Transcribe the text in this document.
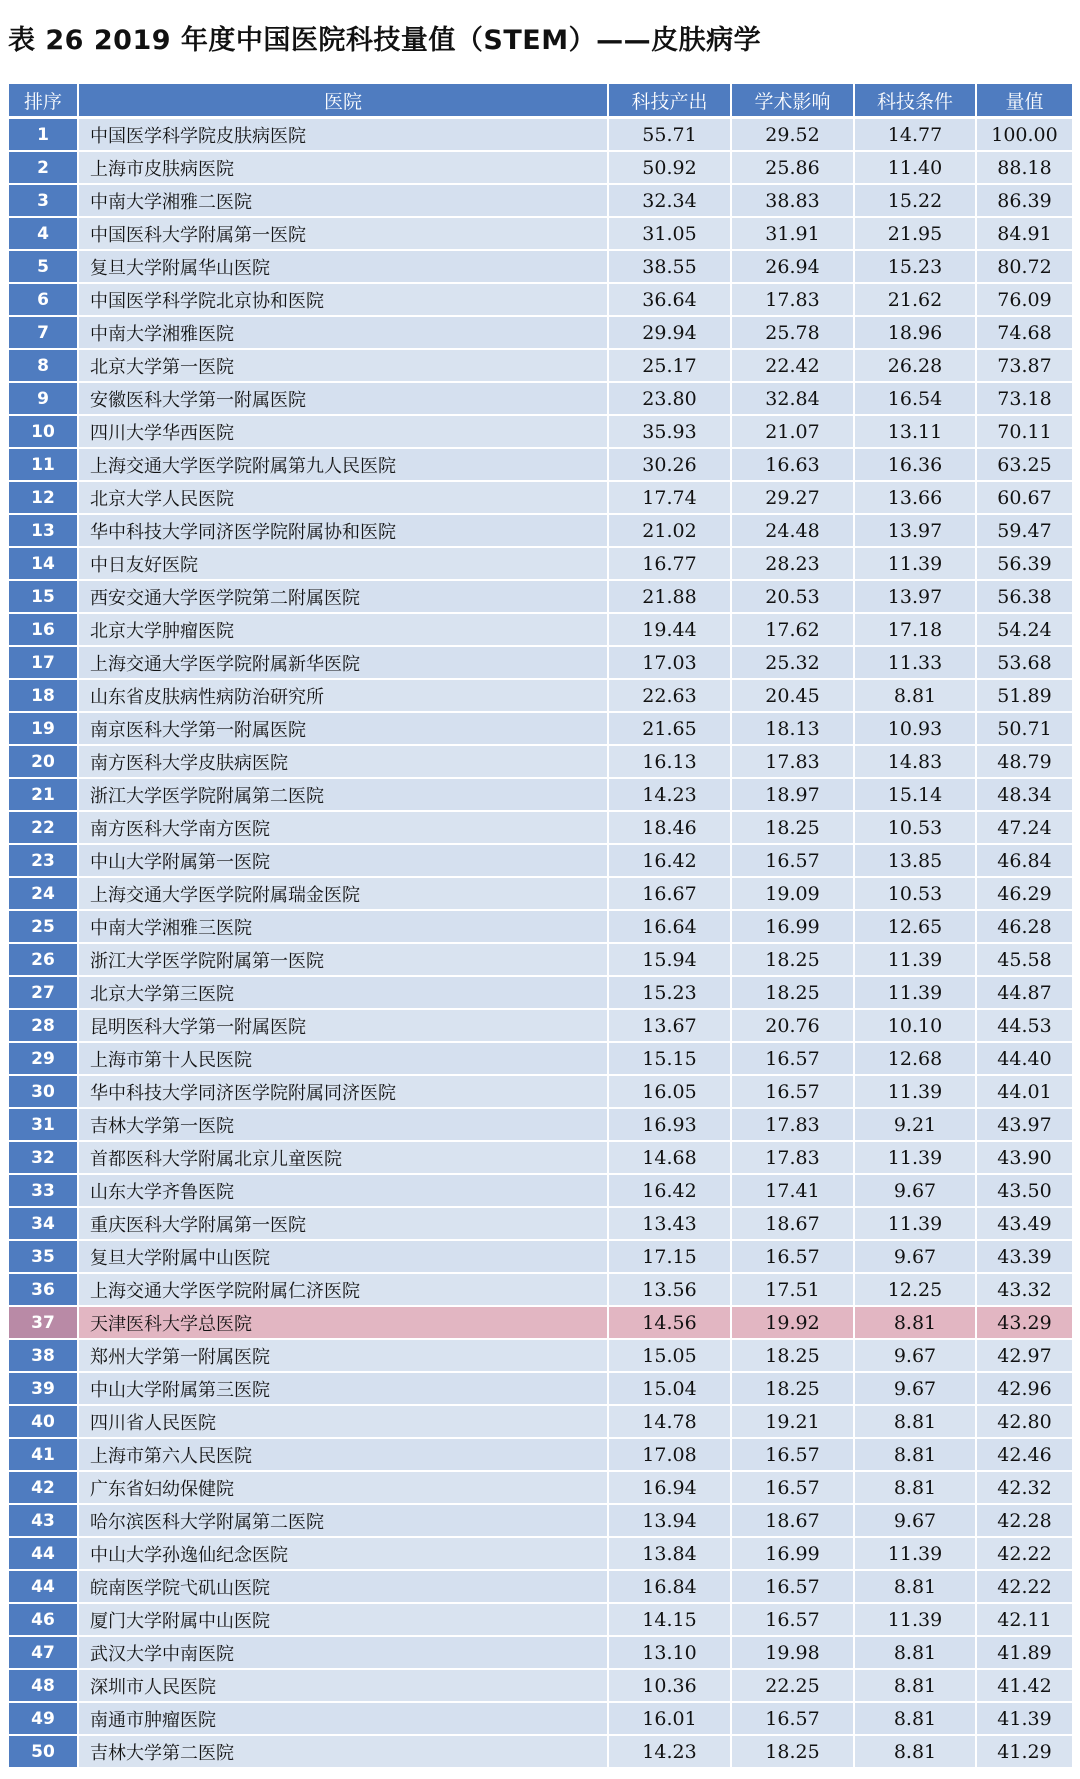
表 26 2019 年度中国医院科技量值（STEM）——皮肤病学
排序	医院	科技产出	学术影响	科技条件	量值
1	中国医学科学院皮肤病医院	55.71	29.52	14.77	100.00
2	上海市皮肤病医院	50.92	25.86	11.40	88.18
3	中南大学湘雅二医院	32.34	38.83	15.22	86.39
4	中国医科大学附属第一医院	31.05	31.91	21.95	84.91
5	复旦大学附属华山医院	38.55	26.94	15.23	80.72
6	中国医学科学院北京协和医院	36.64	17.83	21.62	76.09
7	中南大学湘雅医院	29.94	25.78	18.96	74.68
8	北京大学第一医院	25.17	22.42	26.28	73.87
9	安徽医科大学第一附属医院	23.80	32.84	16.54	73.18
10	四川大学华西医院	35.93	21.07	13.11	70.11
11	上海交通大学医学院附属第九人民医院	30.26	16.63	16.36	63.25
12	北京大学人民医院	17.74	29.27	13.66	60.67
13	华中科技大学同济医学院附属协和医院	21.02	24.48	13.97	59.47
14	中日友好医院	16.77	28.23	11.39	56.39
15	西安交通大学医学院第二附属医院	21.88	20.53	13.97	56.38
16	北京大学肿瘤医院	19.44	17.62	17.18	54.24
17	上海交通大学医学院附属新华医院	17.03	25.32	11.33	53.68
18	山东省皮肤病性病防治研究所	22.63	20.45	8.81	51.89
19	南京医科大学第一附属医院	21.65	18.13	10.93	50.71
20	南方医科大学皮肤病医院	16.13	17.83	14.83	48.79
21	浙江大学医学院附属第二医院	14.23	18.97	15.14	48.34
22	南方医科大学南方医院	18.46	18.25	10.53	47.24
23	中山大学附属第一医院	16.42	16.57	13.85	46.84
24	上海交通大学医学院附属瑞金医院	16.67	19.09	10.53	46.29
25	中南大学湘雅三医院	16.64	16.99	12.65	46.28
26	浙江大学医学院附属第一医院	15.94	18.25	11.39	45.58
27	北京大学第三医院	15.23	18.25	11.39	44.87
28	昆明医科大学第一附属医院	13.67	20.76	10.10	44.53
29	上海市第十人民医院	15.15	16.57	12.68	44.40
30	华中科技大学同济医学院附属同济医院	16.05	16.57	11.39	44.01
31	吉林大学第一医院	16.93	17.83	9.21	43.97
32	首都医科大学附属北京儿童医院	14.68	17.83	11.39	43.90
33	山东大学齐鲁医院	16.42	17.41	9.67	43.50
34	重庆医科大学附属第一医院	13.43	18.67	11.39	43.49
35	复旦大学附属中山医院	17.15	16.57	9.67	43.39
36	上海交通大学医学院附属仁济医院	13.56	17.51	12.25	43.32
37	天津医科大学总医院	14.56	19.92	8.81	43.29
38	郑州大学第一附属医院	15.05	18.25	9.67	42.97
39	中山大学附属第三医院	15.04	18.25	9.67	42.96
40	四川省人民医院	14.78	19.21	8.81	42.80
41	上海市第六人民医院	17.08	16.57	8.81	42.46
42	广东省妇幼保健院	16.94	16.57	8.81	42.32
43	哈尔滨医科大学附属第二医院	13.94	18.67	9.67	42.28
44	中山大学孙逸仙纪念医院	13.84	16.99	11.39	42.22
44	皖南医学院弋矶山医院	16.84	16.57	8.81	42.22
46	厦门大学附属中山医院	14.15	16.57	11.39	42.11
47	武汉大学中南医院	13.10	19.98	8.81	41.89
48	深圳市人民医院	10.36	22.25	8.81	41.42
49	南通市肿瘤医院	16.01	16.57	8.81	41.39
50	吉林大学第二医院	14.23	18.25	8.81	41.29
